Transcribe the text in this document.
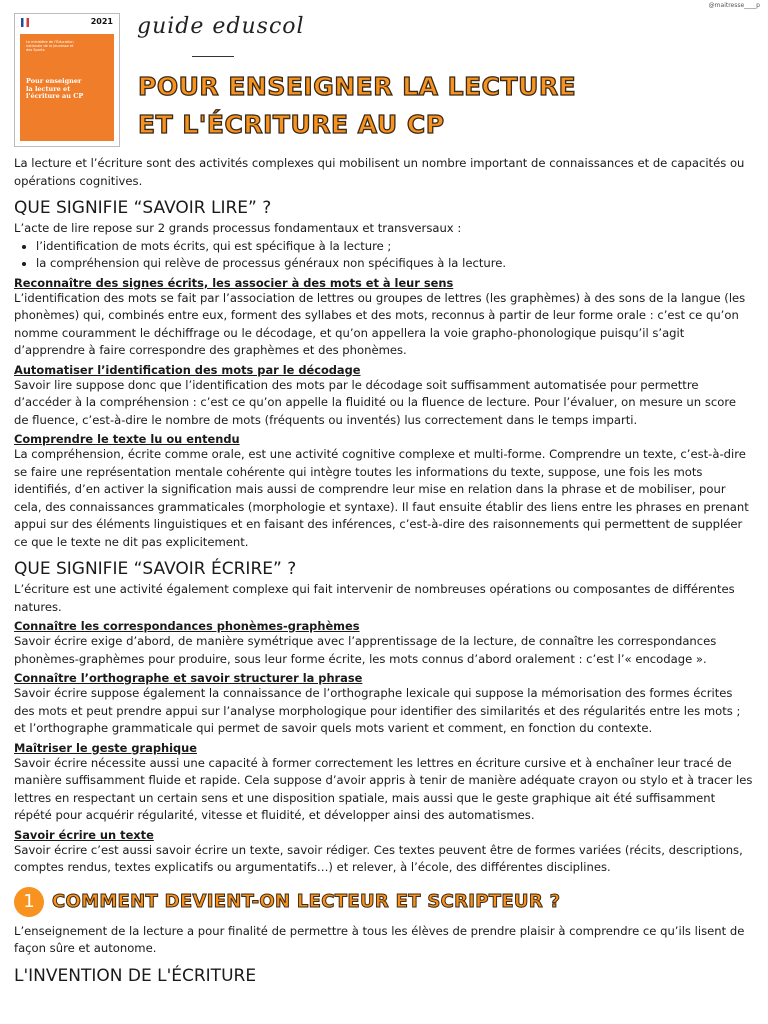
@maitresse____p
2021
Le ministère de l'Éducation nationale de la Jeunesse et des Sports
Pour enseigner la lecture et l'écriture au CP
guide eduscol
POUR ENSEIGNER LA LECTURE
ET L'ÉCRITURE AU CP

La lecture et l’écriture sont des activités complexes qui mobilisent un nombre important de connaissances et de capacités ou opérations cognitives.

QUE SIGNIFIE “SAVOIR LIRE” ?

L’acte de lire repose sur 2 grands processus fondamentaux et transversaux :

• l’identification de mots écrits, qui est spécifique à la lecture ;
• la compréhension qui relève de processus généraux non spécifiques à la lecture.
Reconnaître des signes écrits, les associer à des mots et à leur sens

L’identification des mots se fait par l’association de lettres ou groupes de lettres (les graphèmes) à des sons de la langue (les phonèmes) qui, combinés entre eux, forment des syllabes et des mots, reconnus à partir de leur forme orale : c’est ce qu’on nomme couramment le déchiffrage ou le décodage, et qu’on appellera la voie grapho-phonologique puisqu’il s’agit d’apprendre à faire correspondre des graphèmes et des phonèmes.

Automatiser l’identification des mots par le décodage

Savoir lire suppose donc que l’identification des mots par le décodage soit suffisamment automatisée pour permettre d’accéder à la compréhension : c’est ce qu’on appelle la fluidité ou la fluence de lecture. Pour l’évaluer, on mesure un score de fluence, c’est-à-dire le nombre de mots (fréquents ou inventés) lus correctement dans le temps imparti.

Comprendre le texte lu ou entendu

La compréhension, écrite comme orale, est une activité cognitive complexe et multi-forme. Comprendre un texte, c’est-à-dire se faire une représentation mentale cohérente qui intègre toutes les informations du texte, suppose, une fois les mots identifiés, d’en activer la signification mais aussi de comprendre leur mise en relation dans la phrase et de mobiliser, pour cela, des connaissances grammaticales (morphologie et syntaxe). Il faut ensuite établir des liens entre les phrases en prenant appui sur des éléments linguistiques et en faisant des inférences, c’est-à-dire des raisonnements qui permettent de suppléer ce que le texte ne dit pas explicitement.

QUE SIGNIFIE “SAVOIR ÉCRIRE” ?

L’écriture est une activité également complexe qui fait intervenir de nombreuses opérations ou composantes de différentes natures.

Connaître les correspondances phonèmes-graphèmes

Savoir écrire exige d’abord, de manière symétrique avec l’apprentissage de la lecture, de connaître les correspondances phonèmes-graphèmes pour produire, sous leur forme écrite, les mots connus d’abord oralement : c’est l’« encodage ».

Connaître l’orthographe et savoir structurer la phrase

Savoir écrire suppose également la connaissance de l’orthographe lexicale qui suppose la mémorisation des formes écrites des mots et peut prendre appui sur l’analyse morphologique pour identifier des similarités et des régularités entre les mots ; et l’orthographe grammaticale qui permet de savoir quels mots varient et comment, en fonction du contexte.

Maîtriser le geste graphique

Savoir écrire nécessite aussi une capacité à former correctement les lettres en écriture cursive et à enchaîner leur tracé de manière suffisamment fluide et rapide. Cela suppose d’avoir appris à tenir de manière adéquate crayon ou stylo et à tracer les lettres en respectant un certain sens et une disposition spatiale, mais aussi que le geste graphique ait été suffisamment répété pour acquérir régularité, vitesse et fluidité, et développer ainsi des automatismes.

Savoir écrire un texte

Savoir écrire c’est aussi savoir écrire un texte, savoir rédiger. Ces textes peuvent être de formes variées (récits, descriptions, comptes rendus, textes explicatifs ou argumentatifs…) et relever, à l’école, des différentes disciplines.

1 COMMENT DEVIENT-ON LECTEUR ET SCRIPTEUR ?

L’enseignement de la lecture a pour finalité de permettre à tous les élèves de prendre plaisir à comprendre ce qu’ils lisent de façon sûre et autonome.

L'INVENTION DE L'ÉCRITURE
